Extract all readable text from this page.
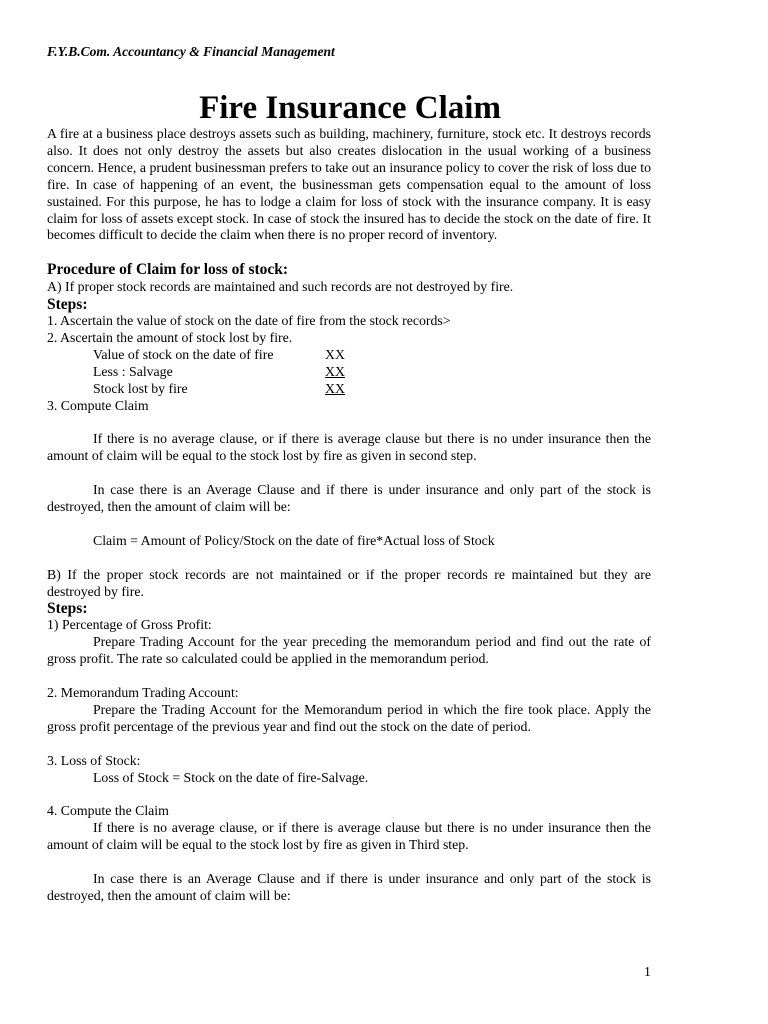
F.Y.B.Com. Accountancy & Financial Management
Fire Insurance Claim

A fire at a business place destroys assets such as building, machinery, furniture, stock etc. It destroys records also. It does not only destroy the assets but also creates dislocation in the usual working of a business concern. Hence, a prudent businessman prefers to take out an insurance policy to cover the risk of loss due to fire. In case of happening of an event, the businessman gets compensation equal to the amount of loss sustained. For this purpose, he has to lodge a claim for loss of stock with the insurance company. It is easy claim for loss of assets except stock. In case of stock the insured has to decide the stock on the date of fire. It becomes difficult to decide the claim when there is no proper record of inventory.

Procedure of Claim for loss of stock:

A) If proper stock records are maintained and such records are not destroyed by fire.

Steps:

1. Ascertain the value of stock on the date of fire from the stock records>

2. Ascertain the amount of stock lost by fire.

Value of stock on the date of fire	XX
Less : Salvage	XX
Stock lost by fire	XX

3. Compute Claim

If there is no average clause, or if there is average clause but there is no under insurance then the amount of claim will be equal to the stock lost by fire as given in second step.

In case there is an Average Clause and if there is under insurance and only part of the stock is destroyed, then the amount of claim will be:

Claim = Amount of Policy/Stock on the date of fire*Actual loss of Stock

B) If the proper stock records are not maintained or if the proper records re maintained but they are destroyed by fire.

Steps:

1) Percentage of Gross Profit:

Prepare Trading Account for the year preceding the memorandum period and find out the rate of gross profit. The rate so calculated could be applied in the memorandum period.

2. Memorandum Trading Account:

Prepare the Trading Account for the Memorandum period in which the fire took place. Apply the gross profit percentage of the previous year and find out the stock on the date of period.

3. Loss of Stock:

Loss of Stock = Stock on the date of fire-Salvage.

4. Compute the Claim

If there is no average clause, or if there is average clause but there is no under insurance then the amount of claim will be equal to the stock lost by fire as given in Third step.

In case there is an Average Clause and if there is under insurance and only part of the stock is destroyed, then the amount of claim will be:

1
